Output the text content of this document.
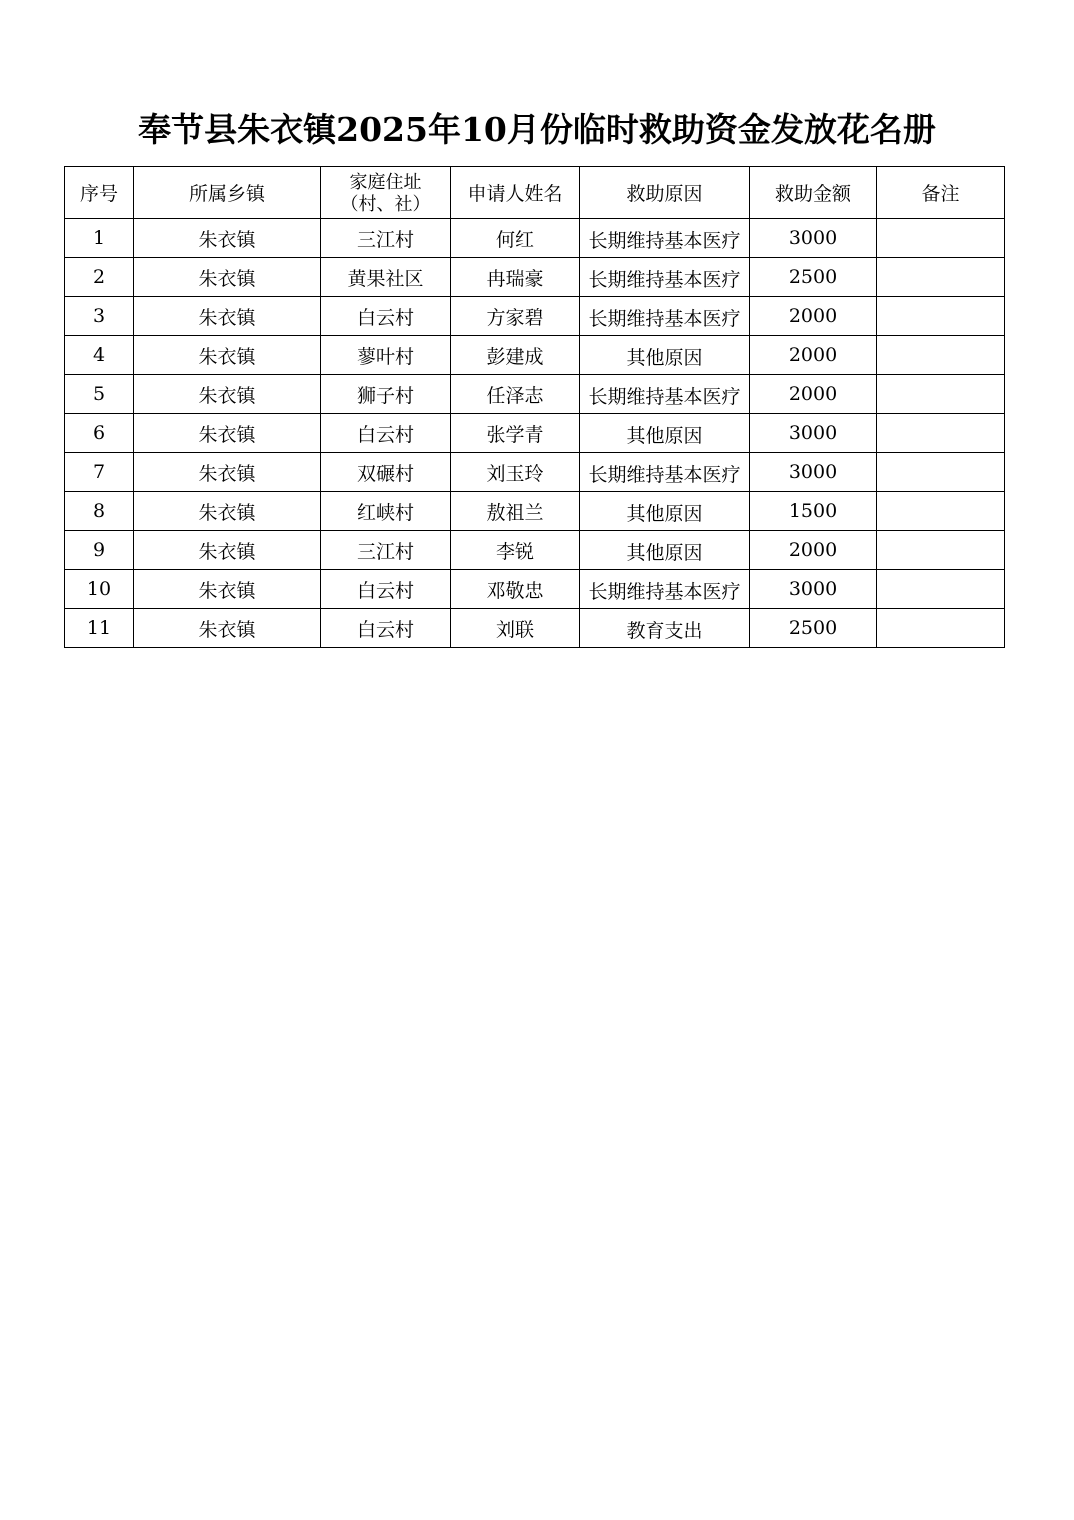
奉节县朱衣镇2025年10月份临时救助资金发放花名册
序号	所属乡镇	家庭住址（村、社）	申请人姓名	救助原因	救助金额	备注
1	朱衣镇	三江村	何红	长期维持基本医疗	3000	
2	朱衣镇	黄果社区	冉瑞豪	长期维持基本医疗	2500	
3	朱衣镇	白云村	方家碧	长期维持基本医疗	2000	
4	朱衣镇	蓼叶村	彭建成	其他原因	2000	
5	朱衣镇	狮子村	任泽志	长期维持基本医疗	2000	
6	朱衣镇	白云村	张学青	其他原因	3000	
7	朱衣镇	双碾村	刘玉玲	长期维持基本医疗	3000	
8	朱衣镇	红峡村	敖祖兰	其他原因	1500	
9	朱衣镇	三江村	李锐	其他原因	2000	
10	朱衣镇	白云村	邓敬忠	长期维持基本医疗	3000	
11	朱衣镇	白云村	刘联	教育支出	2500	
